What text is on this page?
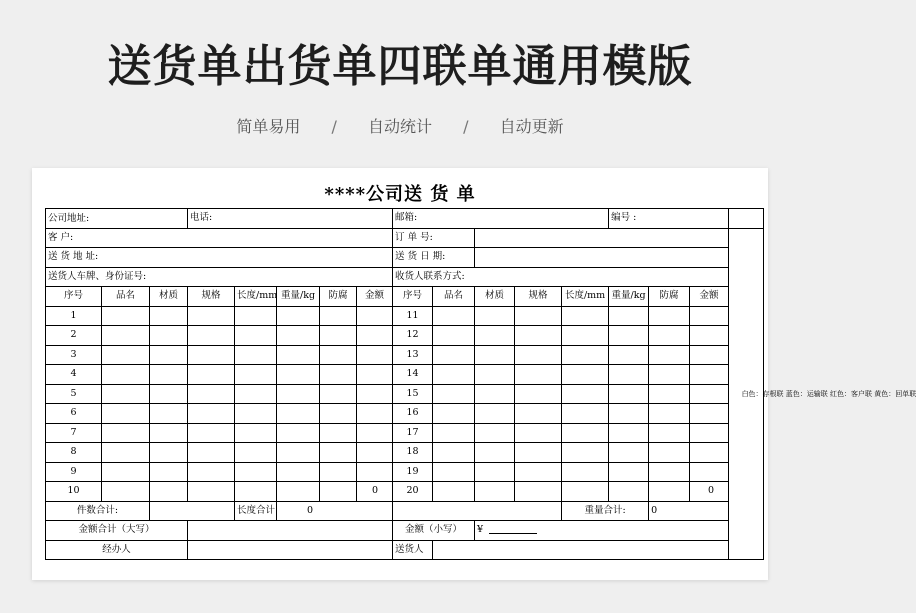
送货单出货单四联单通用模版
简单易用 / 自动统计 / 自动更新
****公司送 货 单
公司地址:			电话:					邮箱:					编号 :			
客 户:								订 单 号:								白色：存根联 蓝色：运输联 红色：客户联 黄色：回单联

送 货 地 址:								送 货 日 期:								
送货人车牌、身份证号:								收货人联系方式:								
序号	品名	材质	规格	长度/mm	重量/kg	防腐	金额	序号	品名	材质	规格	长度/mm	重量/kg	防腐	金额	
1								11								
2								12								
3								13								
4								14								
5								15								
6								16								
7								17								
8								18								
9								19								
10							0	20							0	
件数合计:				长度合计	0							重量合计:		0		
金额合计（大写）								金额（小写）		¥						
经办人								送货人								
